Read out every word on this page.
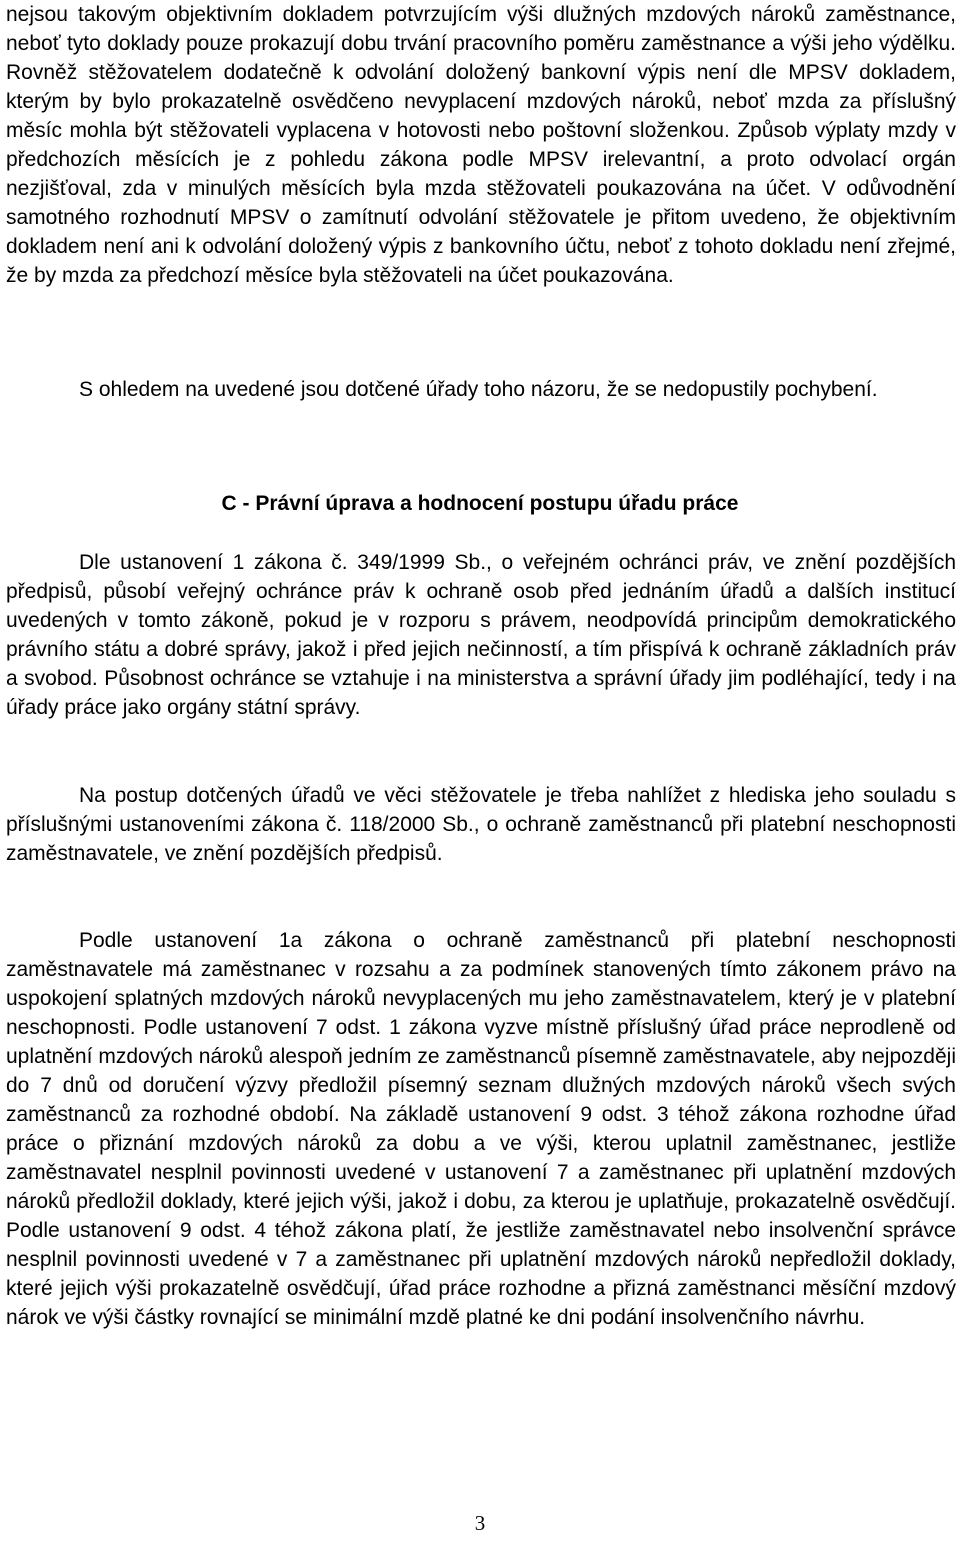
nejsou takovým objektivním dokladem potvrzujícím výši dlužných mzdových nároků zaměstnance, neboť tyto doklady pouze prokazují dobu trvání pracovního poměru zaměstnance a výši jeho výdělku. Rovněž stěžovatelem dodatečně k odvolání doložený bankovní výpis není dle MPSV dokladem, kterým by bylo prokazatelně osvědčeno nevyplacení mzdových nároků, neboť mzda za příslušný měsíc mohla být stěžovateli vyplacena v hotovosti nebo poštovní složenkou. Způsob výplaty mzdy v předchozích měsících je z pohledu zákona podle MPSV irelevantní, a proto odvolací orgán nezjišťoval, zda v minulých měsících byla mzda stěžovateli poukazována na účet. V odůvodnění samotného rozhodnutí MPSV o zamítnutí odvolání stěžovatele je přitom uvedeno, že objektivním dokladem není ani k odvolání doložený výpis z bankovního účtu, neboť z tohoto dokladu není zřejmé, že by mzda za předchozí měsíce byla stěžovateli na účet poukazována.

S ohledem na uvedené jsou dotčené úřady toho názoru, že se nedopustily pochybení.

C - Právní úprava a hodnocení postupu úřadu práce

Dle ustanovení 1 zákona č. 349/1999 Sb., o veřejném ochránci práv, ve znění pozdějších předpisů, působí veřejný ochránce práv k ochraně osob před jednáním úřadů a dalších institucí uvedených v tomto zákoně, pokud je v rozporu s právem, neodpovídá principům demokratického právního státu a dobré správy, jakož i před jejich nečinností, a tím přispívá k ochraně základních práv a svobod. Působnost ochránce se vztahuje i na ministerstva a správní úřady jim podléhající, tedy i na úřady práce jako orgány státní správy.

Na postup dotčených úřadů ve věci stěžovatele je třeba nahlížet z hlediska jeho souladu s příslušnými ustanoveními zákona č. 118/2000 Sb., o ochraně zaměstnanců při platební neschopnosti zaměstnavatele, ve znění pozdějších předpisů.

Podle ustanovení 1a zákona o ochraně zaměstnanců při platební neschopnosti zaměstnavatele má zaměstnanec v rozsahu a za podmínek stanovených tímto zákonem právo na uspokojení splatných mzdových nároků nevyplacených mu jeho zaměstnavatelem, který je v platební neschopnosti. Podle ustanovení 7 odst. 1 zákona vyzve místně příslušný úřad práce neprodleně od uplatnění mzdových nároků alespoň jedním ze zaměstnanců písemně zaměstnavatele, aby nejpozději do 7 dnů od doručení výzvy předložil písemný seznam dlužných mzdových nároků všech svých zaměstnanců za rozhodné období. Na základě ustanovení 9 odst. 3 téhož zákona rozhodne úřad práce o přiznání mzdových nároků za dobu a ve výši, kterou uplatnil zaměstnanec, jestliže zaměstnavatel nesplnil povinnosti uvedené v ustanovení 7 a zaměstnanec při uplatnění mzdových nároků předložil doklady, které jejich výši, jakož i dobu, za kterou je uplatňuje, prokazatelně osvědčují. Podle ustanovení 9 odst. 4 téhož zákona platí, že jestliže zaměstnavatel nebo insolvenční správce nesplnil povinnosti uvedené v 7 a zaměstnanec při uplatnění mzdových nároků nepředložil doklady, které jejich výši prokazatelně osvědčují, úřad práce rozhodne a přizná zaměstnanci měsíční mzdový nárok ve výši částky rovnající se minimální mzdě platné ke dni podání insolvenčního návrhu.

3
